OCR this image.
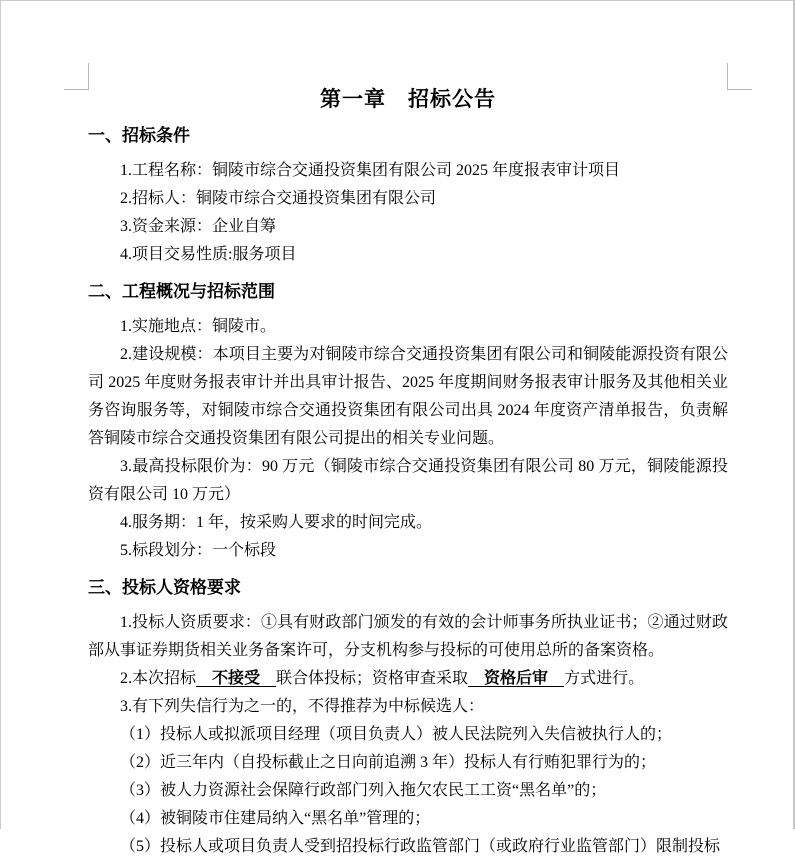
第一章　招标公告
一、招标条件

1.工程名称：铜陵市综合交通投资集团有限公司 2025 年度报表审计项目

2.招标人：铜陵市综合交通投资集团有限公司

3.资金来源：企业自筹

4.项目交易性质:服务项目

二、工程概况与招标范围

1.实施地点：铜陵市。

2.建设规模：本项目主要为对铜陵市综合交通投资集团有限公司和铜陵能源投资有限公司 2025 年度财务报表审计并出具审计报告、2025 年度期间财务报表审计服务及其他相关业务咨询服务等，对铜陵市综合交通投资集团有限公司出具 2024 年度资产清单报告，负责解答铜陵市综合交通投资集团有限公司提出的相关专业问题。

3.最高投标限价为：90 万元（铜陵市综合交通投资集团有限公司 80 万元，铜陵能源投资有限公司 10 万元）

4.服务期：1 年，按采购人要求的时间完成。

5.标段划分：一个标段

三、投标人资格要求

1.投标人资质要求：①具有财政部门颁发的有效的会计师事务所执业证书；②通过财政部从事证券期货相关业务备案许可，分支机构参与投标的可使用总所的备案资格。

2.本次招标　不接受　联合体投标；资格审查采取　资格后审　方式进行。

3.有下列失信行为之一的，不得推荐为中标候选人：

（1）投标人或拟派项目经理（项目负责人）被人民法院列入失信被执行人的；

（2）近三年内（自投标截止之日向前追溯 3 年）投标人有行贿犯罪行为的；

（3）被人力资源社会保障行政部门列入拖欠农民工工资“黑名单”的；

（4）被铜陵市住建局纳入“黑名单”管理的；

（5）投标人或项目负责人受到招投标行政监管部门（或政府行业监管部门）限制投标
